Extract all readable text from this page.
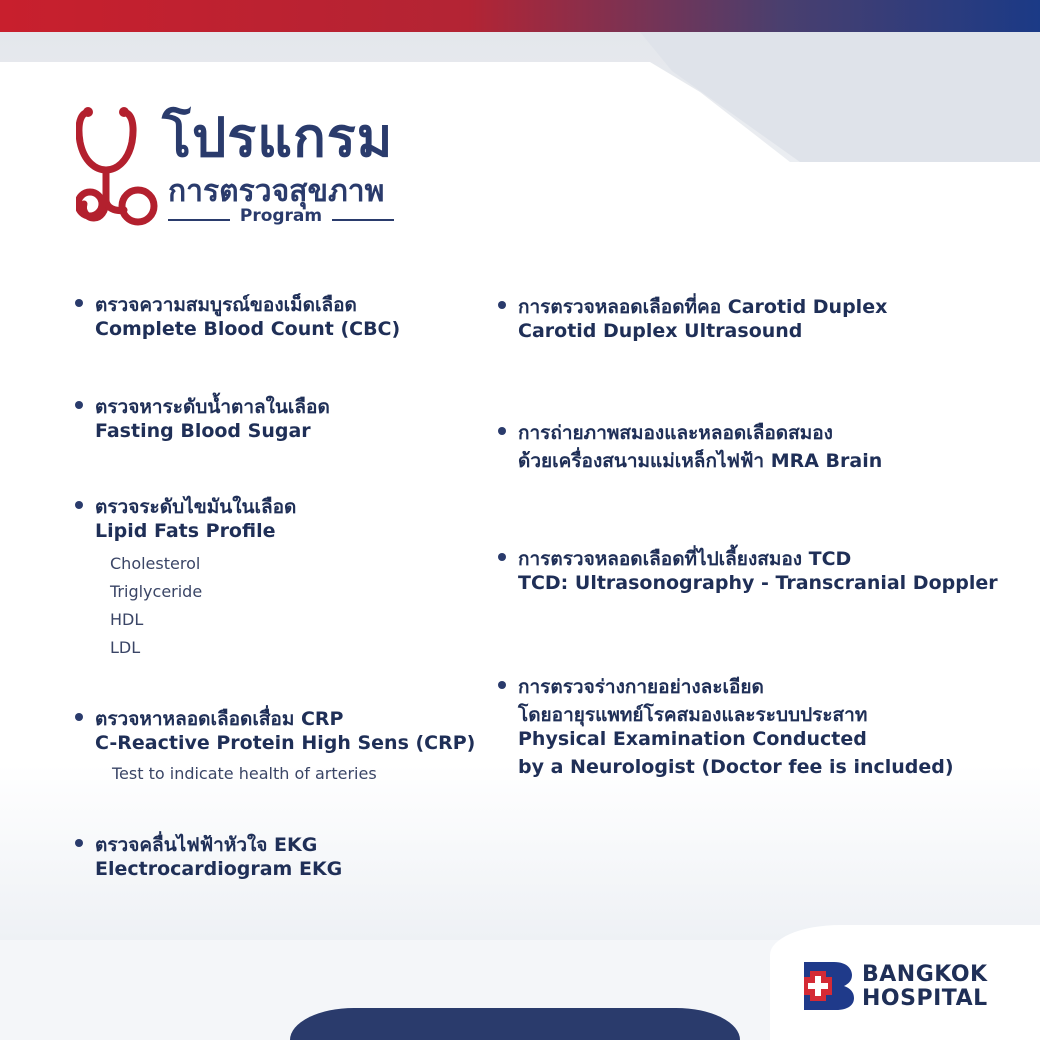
โปรแกรม
การตรวจสุขภาพ
Program
ตรวจความสมบูรณ์ของเม็ดเลือด
Complete Blood Count (CBC)
ตรวจหาระดับน้ำตาลในเลือด
Fasting Blood Sugar
ตรวจระดับไขมันในเลือด
Lipid Fats Profile
Cholesterol
Triglyceride
HDL
LDL
ตรวจหาหลอดเลือดเสื่อม CRP
C-Reactive Protein High Sens (CRP)
Test to indicate health of arteries
ตรวจคลื่นไฟฟ้าหัวใจ EKG
Electrocardiogram EKG
การตรวจหลอดเลือดที่คอ Carotid Duplex
Carotid Duplex Ultrasound
การถ่ายภาพสมองและหลอดเลือดสมอง
ด้วยเครื่องสนามแม่เหล็กไฟฟ้า MRA Brain
การตรวจหลอดเลือดที่ไปเลี้ยงสมอง TCD
TCD: Ultrasonography - Transcranial Doppler
การตรวจร่างกายอย่างละเอียด
โดยอายุรแพทย์โรคสมองและระบบประสาท
Physical Examination Conducted
by a Neurologist (Doctor fee is included)
BANGKOK
HOSPITAL
